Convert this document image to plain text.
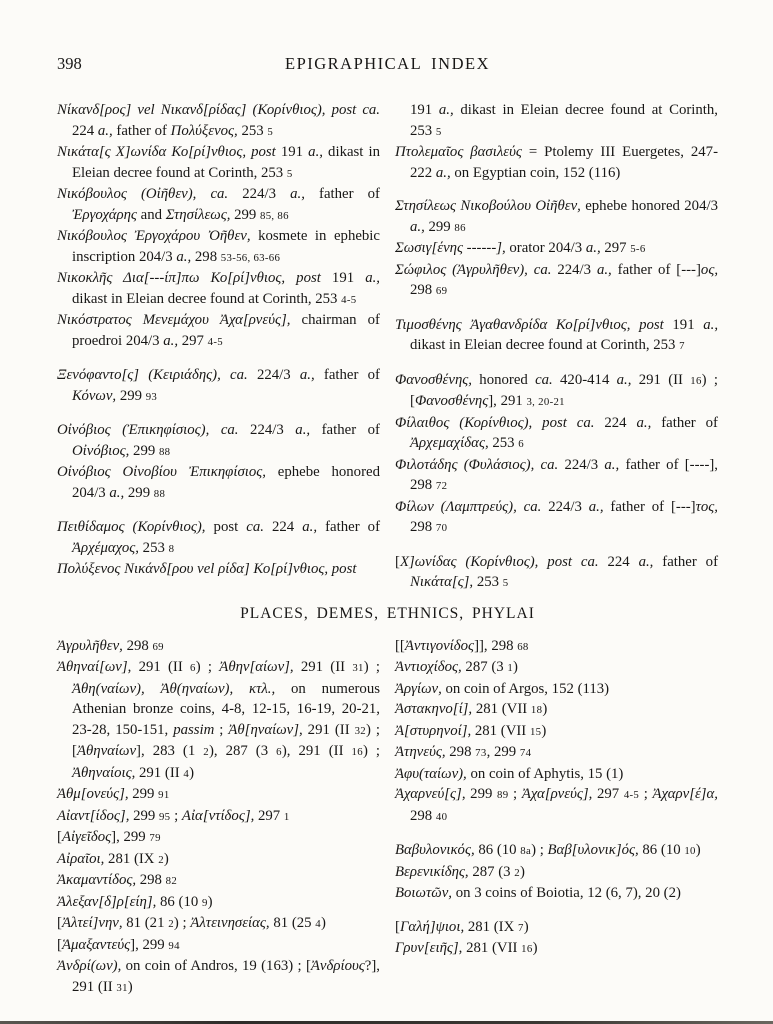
398	EPIGRAPHICAL INDEX

Νίκανδ[ρος] vel Νικανδ[ρίδας] (Κορίνθιος), post ca. 224 a., father of Πολύξενος, 253 5

Νικάτα[ς Χ]ωνίδα Κο[ρί]νθιος, post 191 a., dikast in Eleian decree found at Corinth, 253 5

Νικόβουλος (Οἰῆθεν), ca. 224/3 a., father of Ἐργοχάρης and Στησίλεως, 299 85, 86

Νικόβουλος Ἐργοχάρου Ὀῆθεν, kosmete in ephebic inscription 204/3 a., 298 53-56, 63-66

Νικοκλῆς Δια[---ίπ]πω Κο[ρί]νθιος, post 191 a., dikast in Eleian decree found at Corinth, 253 4-5

Νικόστρατος Μενεμάχου Ἀχα[ρνεύς], chairman of proedroi 204/3 a., 297 4-5

Ξενόφαντο[ς] (Κειριάδης), ca. 224/3 a., father of Κόνων, 299 93

Οἰνόβιος (Ἐπικηφίσιος), ca. 224/3 a., father of Οἰνόβιος, 299 88

Οἰνόβιος Οἰνοβίου Ἐπικηφίσιος, ephebe honored 204/3 a., 299 88

Πειθίδαμος (Κορίνθιος), post ca. 224 a., father of Ἀρχέμαχος, 253 8

Πολύξενος Νικάνδ[ρου vel ρίδα] Κο[ρί]νθιος, post

191 a., dikast in Eleian decree found at Corinth, 253 5

Πτολεμαῖος βασιλεύς = Ptolemy III Euergetes, 247-222 a., on Egyptian coin, 152 (116)

Στησίλεως Νικοβούλου Οἰῆθεν, ephebe honored 204/3 a., 299 86

Σωσιγ[ένης ------], orator 204/3 a., 297 5-6

Σώφιλος (Ἀγρυλῆθεν), ca. 224/3 a., father of [---]ος, 298 69

Τιμοσθένης Ἀγαθανδρίδα Κο[ρί]νθιος, post 191 a., dikast in Eleian decree found at Corinth, 253 7

Φανοσθένης, honored ca. 420-414 a., 291 (II 16) ; [Φανοσθένης], 291 3, 20-21

Φίλαιθος (Κορίνθιος), post ca. 224 a., father of Ἀρχεμαχίδας, 253 6

Φιλοτάδης (Φυλάσιος), ca. 224/3 a., father of [----], 298 72

Φίλων (Λαμπτρεύς), ca. 224/3 a., father of [---]τος, 298 70

[Χ]ωνίδας (Κορίνθιος), post ca. 224 a., father of Νικάτα[ς], 253 5

PLACES, DEMES, ETHNICS, PHYLAI

Ἀγρυλῆθεν, 298 69

Ἀθηναί[ων], 291 (II 6) ; Ἀθην[αίων], 291 (II 31) ; Ἀθη(ναίων), Ἀθ(ηναίων), κτλ., on numerous Athenian bronze coins, 4-8, 12-15, 16-19, 20-21, 23-28, 150-151, passim ; Ἀθ[ηναίων], 291 (II 32) ; [Ἀθηναίων], 283 (1 2), 287 (3 6), 291 (II 16) ; Ἀθηναίοις, 291 (II 4)

Ἀθμ[ονεύς], 299 91

Αἰαντ[ίδος], 299 95 ; Αἰα[ντίδος], 297 1

[Αἰγεῖδος], 299 79

Αἰραῖοι, 281 (IX 2)

Ἀκαμαντίδος, 298 82

Ἀλεξαν[δ]ρ[είη], 86 (10 9)

[Ἀλτεί]νην, 81 (21 2) ; Ἀλτεινησείας, 81 (25 4)

[Ἁμαξαντεύς], 299 94

Ἀνδρί(ων), on coin of Andros, 19 (163) ; [Ἀνδρίους?], 291 (II 31)

[[Ἀντιγονίδος]], 298 68

Ἀντιοχίδος, 287 (3 1)

Ἀργίων, on coin of Argos, 152 (113)

Ἀστακηνο[ί], 281 (VII 18)

Ἀ[στυρηνοί], 281 (VII 15)

Ἀτηνεύς, 298 73, 299 74

Ἀφυ(ταίων), on coin of Aphytis, 15 (1)

Ἀχαρνεύ[ς], 299 89 ; Ἀχα[ρνεύς], 297 4-5 ; Ἀχαρν[έ]α, 298 40

Βαβυλονικός, 86 (10 8a) ; Βαβ[υλονικ]ός, 86 (10 10)

Βερενικίδης, 287 (3 2)

Βοιωτῶν, on 3 coins of Boiotia, 12 (6, 7), 20 (2)

[Γαλή]ψιοι, 281 (IX 7)

Γρυν[ειῆς], 281 (VII 16)
